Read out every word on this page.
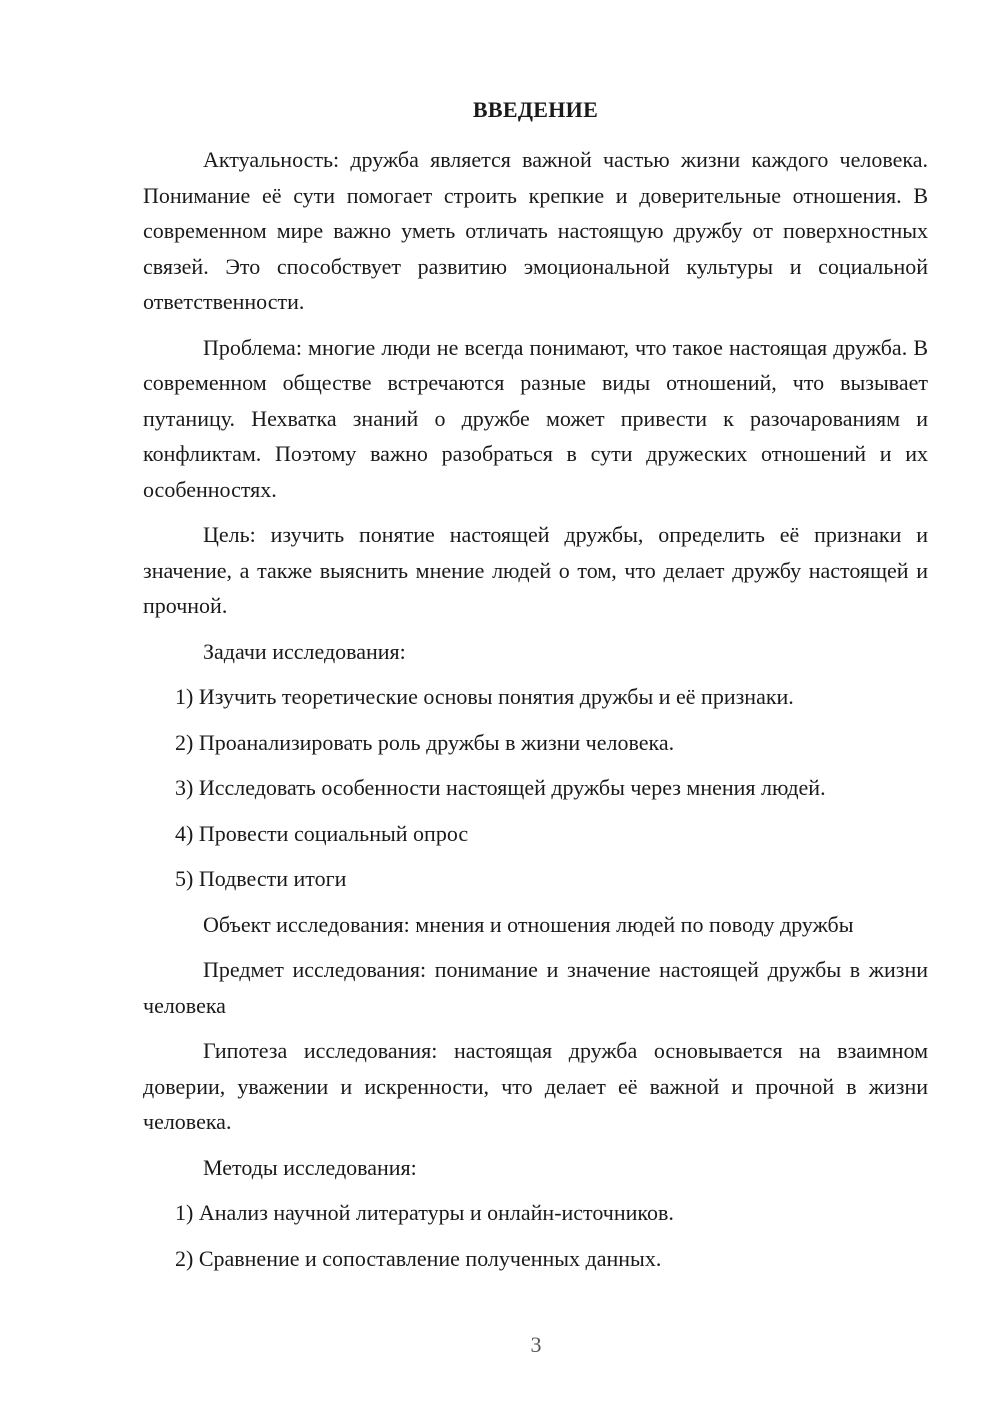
ВВЕДЕНИЕ

Актуальность: дружба является важной частью жизни каждого человека. Понимание её сути помогает строить крепкие и доверительные отношения. В современном мире важно уметь отличать настоящую дружбу от поверхностных связей. Это способствует развитию эмоциональной культуры и социальной ответственности.

Проблема: многие люди не всегда понимают, что такое настоящая дружба. В современном обществе встречаются разные виды отношений, что вызывает путаницу. Нехватка знаний о дружбе может привести к разочарованиям и конфликтам. Поэтому важно разобраться в сути дружеских отношений и их особенностях.

Цель: изучить понятие настоящей дружбы, определить её признаки и значение, а также выяснить мнение людей о том, что делает дружбу настоящей и прочной.

Задачи исследования:
1) Изучить теоретические основы понятия дружбы и её признаки.
2) Проанализировать роль дружбы в жизни человека.
3) Исследовать особенности настоящей дружбы через мнения людей.
4) Провести социальный опрос
5) Подвести итоги

Объект исследования: мнения и отношения людей по поводу дружбы

Предмет исследования: понимание и значение настоящей дружбы в жизни человека

Гипотеза исследования: настоящая дружба основывается на взаимном доверии, уважении и искренности, что делает её важной и прочной в жизни человека.

Методы исследования:
1) Анализ научной литературы и онлайн-источников.
2) Сравнение и сопоставление полученных данных.
3
